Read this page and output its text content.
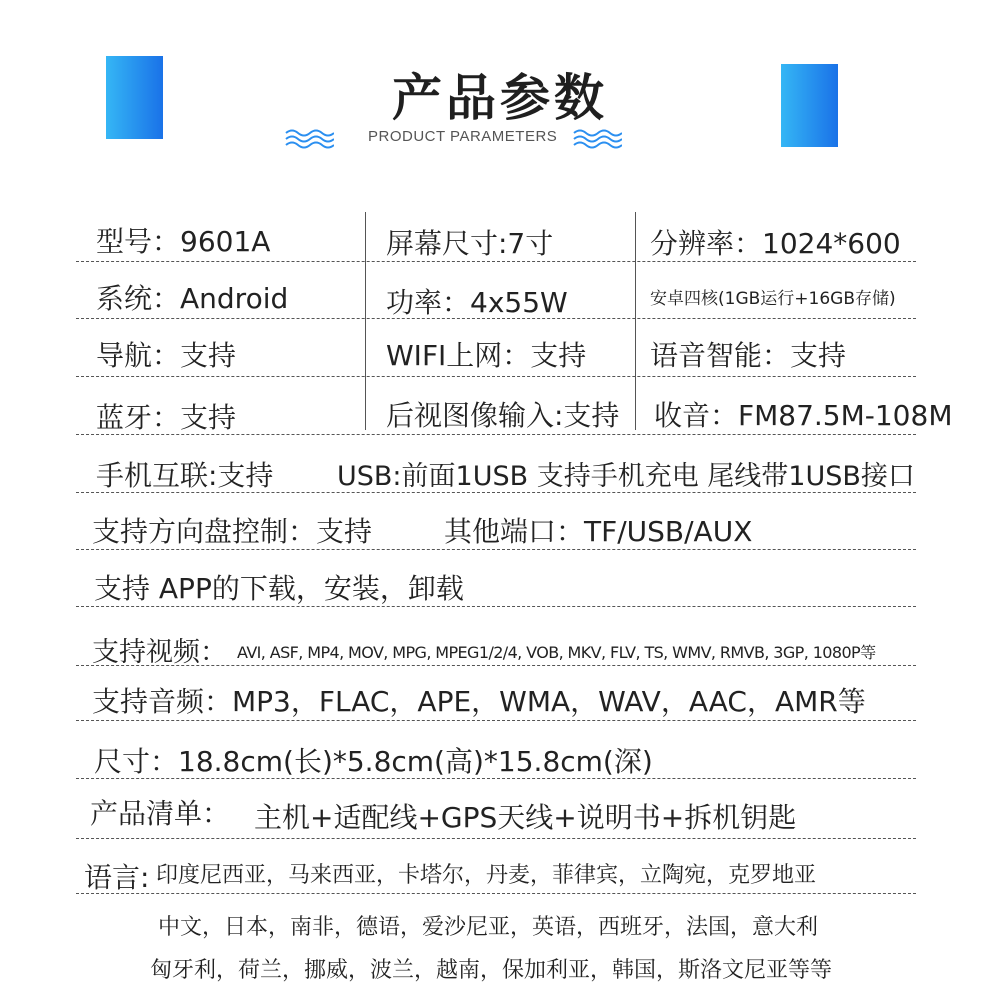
产品参数
PRODUCT PARAMETERS
型号：9601A	屏幕尺寸:7寸	分辨率：1024*600
系统：Android	功率：4x55W	安卓四核(1GB运行+16GB存储)
导航：支持	WIFI上网：支持 语音智能：支持
蓝牙：支持	后视图像输入:支持 收音：FM87.5M-108M
手机互联:支持 USB:前面1USB 支持手机充电 尾线带1USB接口
支持方向盘控制：支持	其他端口：TF/USB/AUX
支持 APP的下载，安装，卸载
支持视频： AVI, ASF, MP4, MOV, MPG, MPEG1/2/4, VOB, MKV, FLV, TS, WMV, RMVB, 3GP, 1080P等
支持音频：MP3，FLAC，APE，WMA，WAV，AAC，AMR等
尺寸：18.8cm(长)*5.8cm(高)*15.8cm(深)
产品清单： 主机+适配线+GPS天线+说明书+拆机钥匙
语言: 印度尼西亚，马来西亚，卡塔尔，丹麦，菲律宾，立陶宛，克罗地亚
中文，日本，南非，德语，爱沙尼亚，英语，西班牙，法国，意大利
匈牙利，荷兰，挪威，波兰，越南，保加利亚，韩国，斯洛文尼亚等等
